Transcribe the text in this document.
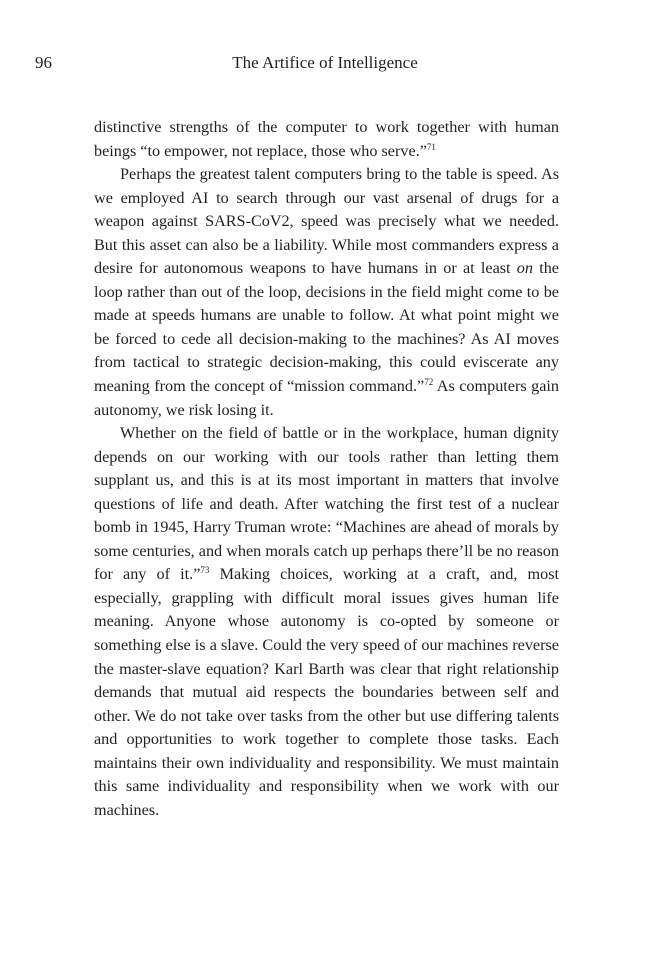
96	The Artifice of Intelligence

distinctive strengths of the computer to work together with human beings “to empower, not replace, those who serve.”$^{71}$

Perhaps the greatest talent computers bring to the table is speed. As we employed AI to search through our vast arsenal of drugs for a weapon against SARS-CoV2, speed was precisely what we needed. But this asset can also be a liability. While most commanders express a desire for autonomous weapons to have humans in or at least on the loop rather than out of the loop, decisions in the field might come to be made at speeds humans are unable to follow. At what point might we be forced to cede all decision-making to the machines? As AI moves from tactical to strategic decision-making, this could eviscerate any meaning from the concept of “mission command.”$^{72}$ As computers gain autonomy, we risk losing it.

Whether on the field of battle or in the workplace, human dignity depends on our working with our tools rather than letting them supplant us, and this is at its most important in matters that involve questions of life and death. After watching the first test of a nuclear bomb in 1945, Harry Truman wrote: “Machines are ahead of morals by some centuries, and when morals catch up perhaps there’ll be no reason for any of it.”$^{73}$ Making choices, working at a craft, and, most especially, grappling with difficult moral issues gives human life meaning. Anyone whose autonomy is co-opted by someone or something else is a slave. Could the very speed of our machines reverse the master-slave equation? Karl Barth was clear that right relationship demands that mutual aid respects the boundaries between self and other. We do not take over tasks from the other but use differing talents and opportunities to work together to complete those tasks. Each maintains their own individuality and responsibility. We must maintain this same individuality and responsibility when we work with our machines.
